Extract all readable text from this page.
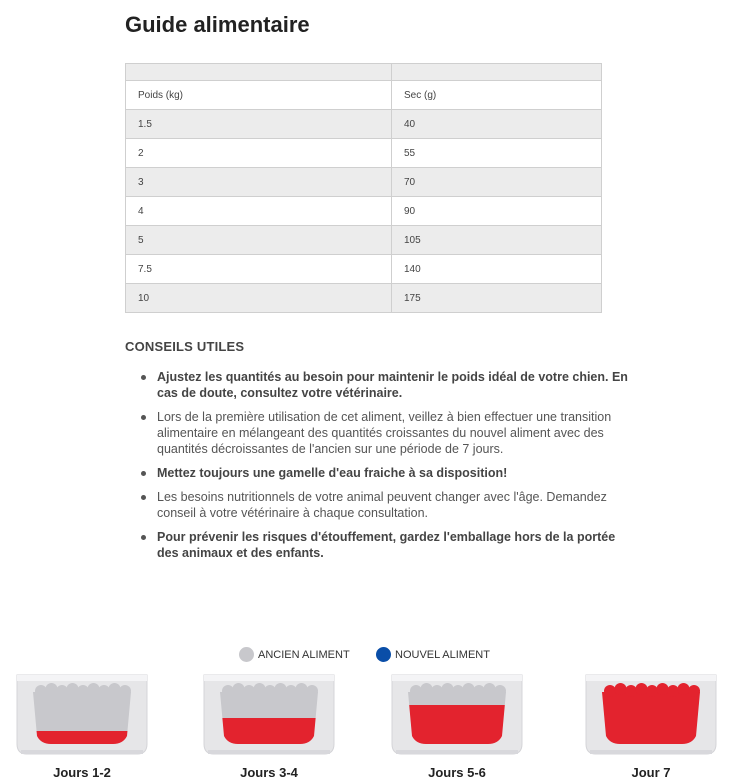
Guide alimentaire

Poids (kg)	Sec (g)
1.5	40
2	55
3	70
4	90
5	105
7.5	140
10	175
CONSEILS UTILES
Ajustez les quantités au besoin pour maintenir le poids idéal de votre chien. En cas de doute, consultez votre vétérinaire.
Lors de la première utilisation de cet aliment, veillez à bien effectuer une transition alimentaire en mélangeant des quantités croissantes du nouvel aliment avec des quantités décroissantes de l'ancien sur une période de 7 jours.
Mettez toujours une gamelle d'eau fraiche à sa disposition!
Les besoins nutritionnels de votre animal peuvent changer avec l'âge. Demandez conseil à votre vétérinaire à chaque consultation.
Pour prévenir les risques d'étouffement, gardez l'emballage hors de la portée des animaux et des enfants.
ANCIEN ALIMENT	NOUVEL ALIMENT
Jours 1-2	Jours 3-4	Jours 5-6	Jour 7
